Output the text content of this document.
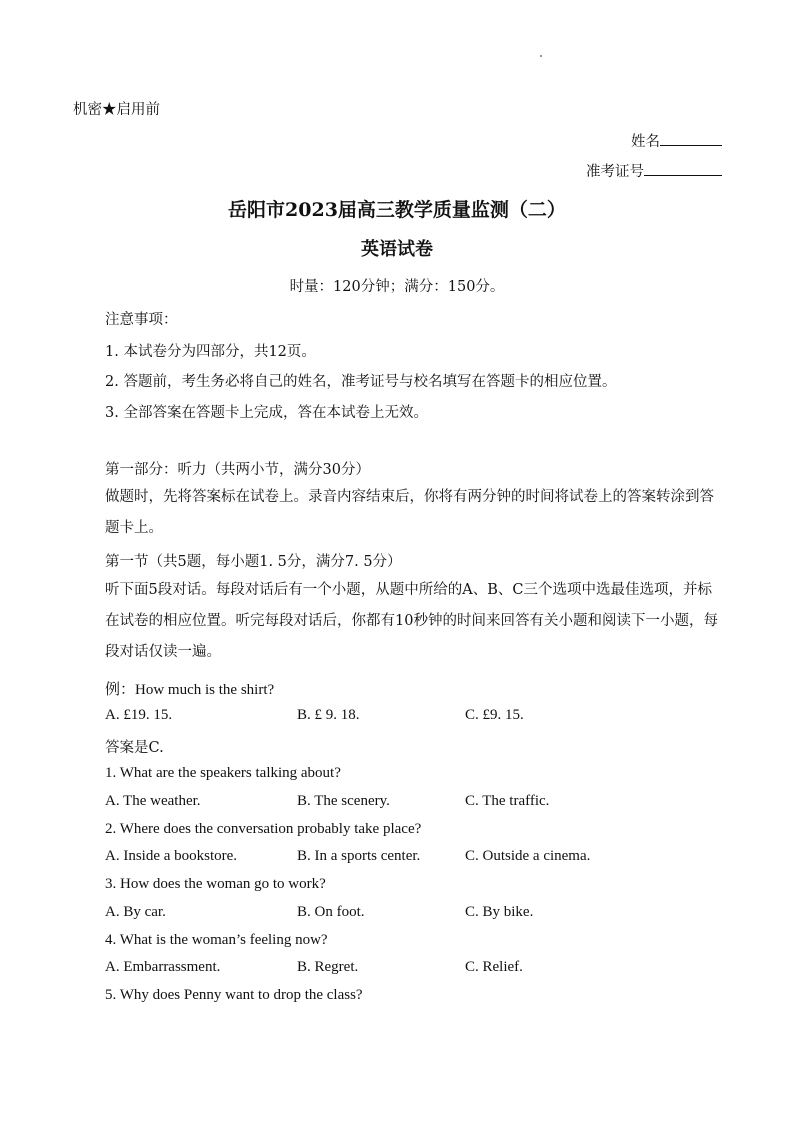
机密★启用前
姓名
准考证号
岳阳市2023届高三教学质量监测（二）
英语试卷
时量：120分钟；满分：150分。
注意事项：
1. 本试卷分为四部分，共12页。
2. 答题前，考生务必将自己的姓名，准考证号与校名填写在答题卡的相应位置。
3. 全部答案在答题卡上完成，答在本试卷上无效。
第一部分：听力（共两小节，满分30分）
做题时，先将答案标在试卷上。录音内容结束后，你将有两分钟的时间将试卷上的答案转涂到答题卡上。
第一节（共5题，每小题1. 5分，满分7. 5分）
听下面5段对话。每段对话后有一个小题，从题中所给的A、B、C三个选项中选最佳选项，并标在试卷的相应位置。听完每段对话后，你都有10秒钟的时间来回答有关小题和阅读下一小题，每段对话仅读一遍。
例：How much is the shirt?
A. £19. 15.	B. £ 9. 18.	C. £9. 15.
答案是C.
1. What are the speakers talking about?
A. The weather.	B. The scenery.	C. The traffic.
2. Where does the conversation probably take place?
A. Inside a bookstore.	B. In a sports center.	C. Outside a cinema.
3. How does the woman go to work?
A. By car.	B. On foot.	C. By bike.
4. What is the woman’s feeling now?
A. Embarrassment.	B. Regret.	C. Relief.
5. Why does Penny want to drop the class?
